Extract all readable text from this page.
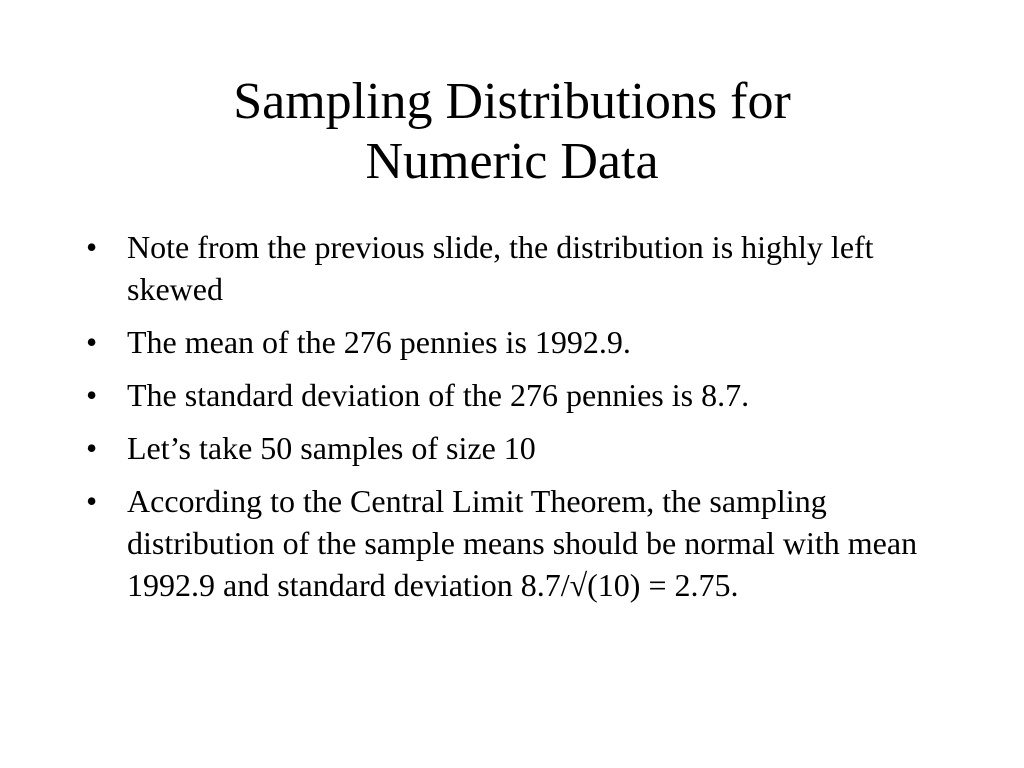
Sampling Distributions for
Numeric Data
• Note from the previous slide, the distribution is highly left skewed
• The mean of the 276 pennies is 1992.9.
• The standard deviation of the 276 pennies is 8.7.
• Let’s take 50 samples of size 10
• According to the Central Limit Theorem, the sampling distribution of the sample means should be normal with mean 1992.9 and standard deviation 8.7/√(10) = 2.75.
